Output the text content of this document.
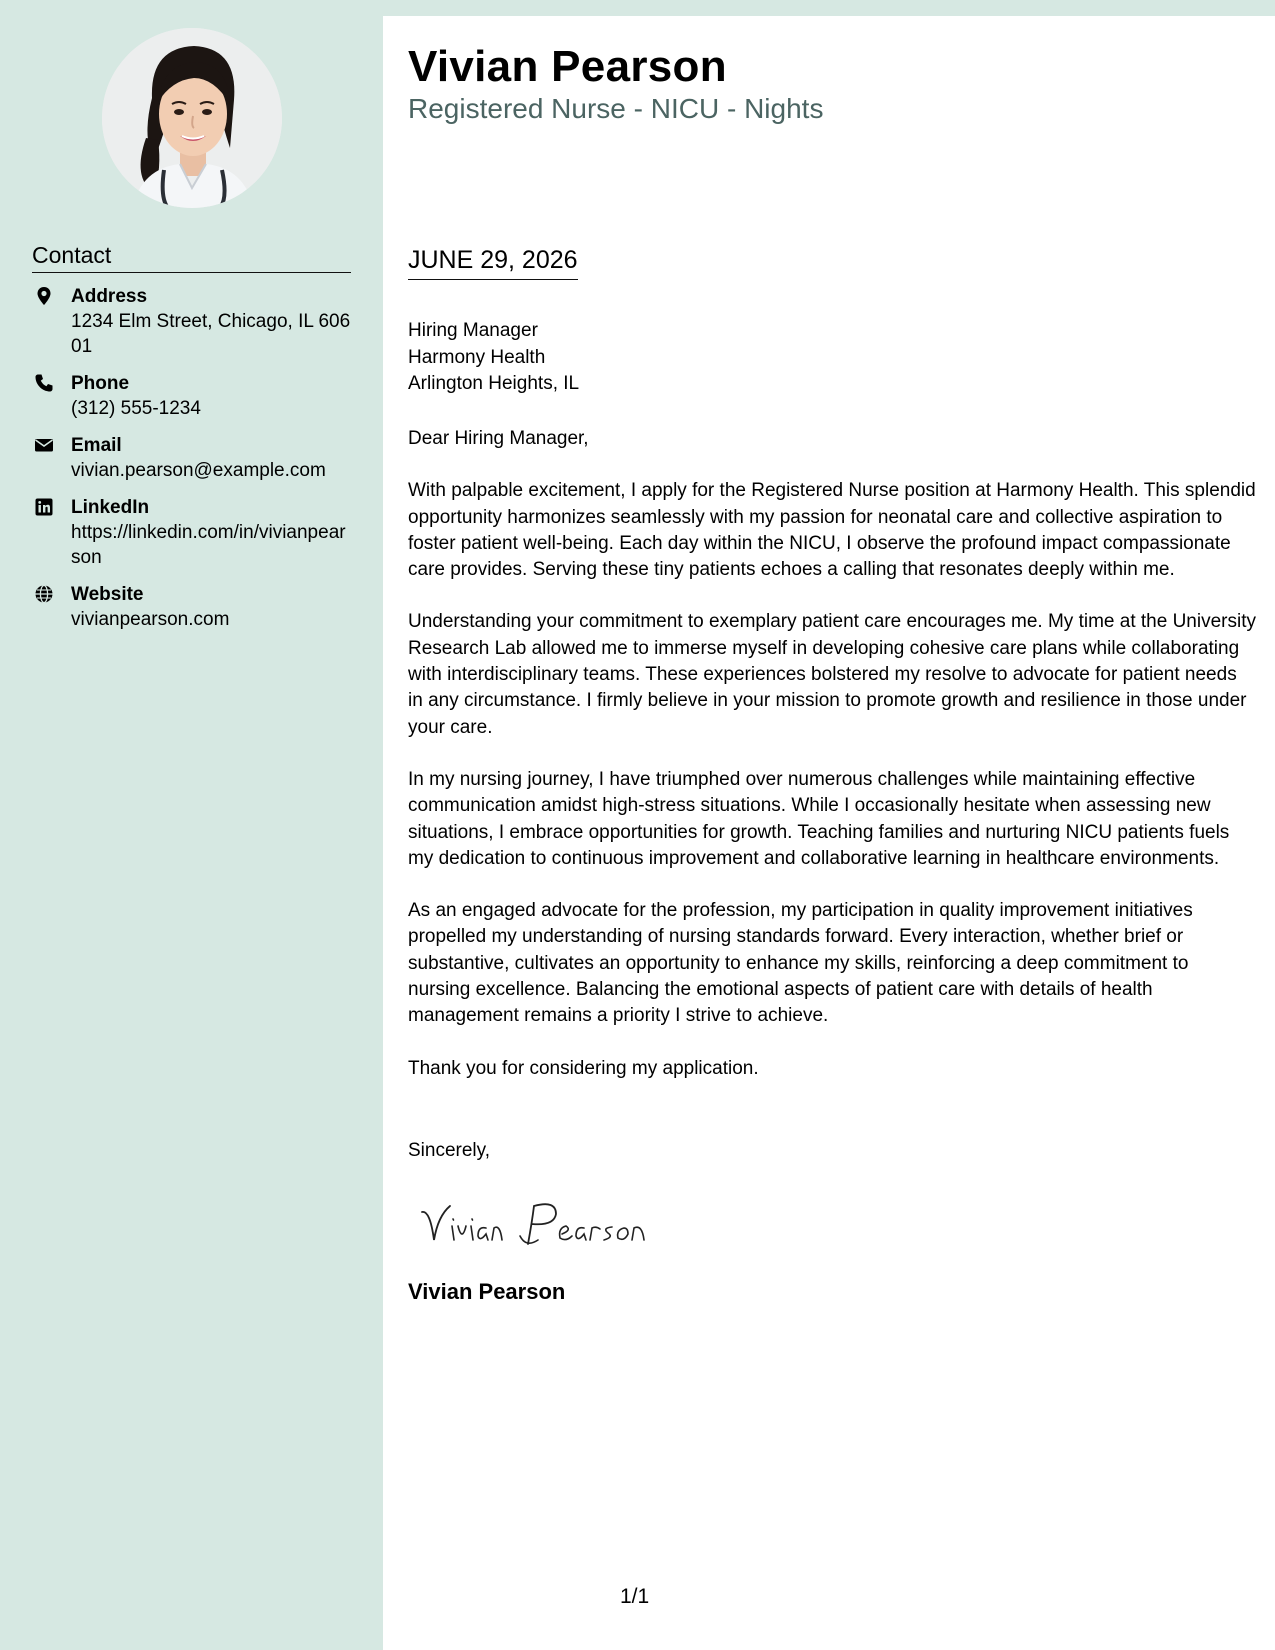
Contact
Address
1234 Elm Street, Chicago, IL 60601
Phone
(312) 555-1234
Email
vivian.pearson@example.com
LinkedIn
https://linkedin.com/in/vivianpearson
Website
vivianpearson.com
Vivian Pearson
Registered Nurse - NICU - Nights
JUNE 29, 2026
Hiring Manager
Harmony Health
Arlington Heights, IL

Dear Hiring Manager,

With palpable excitement, I apply for the Registered Nurse position at Harmony Health. This splendid opportunity harmonizes seamlessly with my passion for neonatal care and collective aspiration to foster patient well-being. Each day within the NICU, I observe the profound impact compassionate care provides. Serving these tiny patients echoes a calling that resonates deeply within me.

Understanding your commitment to exemplary patient care encourages me. My time at the University Research Lab allowed me to immerse myself in developing cohesive care plans while collaborating with interdisciplinary teams. These experiences bolstered my resolve to advocate for patient needs in any circumstance. I firmly believe in your mission to promote growth and resilience in those under your care.

In my nursing journey, I have triumphed over numerous challenges while maintaining effective communication amidst high-stress situations. While I occasionally hesitate when assessing new situations, I embrace opportunities for growth. Teaching families and nurturing NICU patients fuels my dedication to continuous improvement and collaborative learning in healthcare environments.

As an engaged advocate for the profession, my participation in quality improvement initiatives propelled my understanding of nursing standards forward. Every interaction, whether brief or substantive, cultivates an opportunity to enhance my skills, reinforcing a deep commitment to nursing excellence. Balancing the emotional aspects of patient care with details of health management remains a priority I strive to achieve.

Thank you for considering my application.

Sincerely,
Vivian Pearson
1/1
